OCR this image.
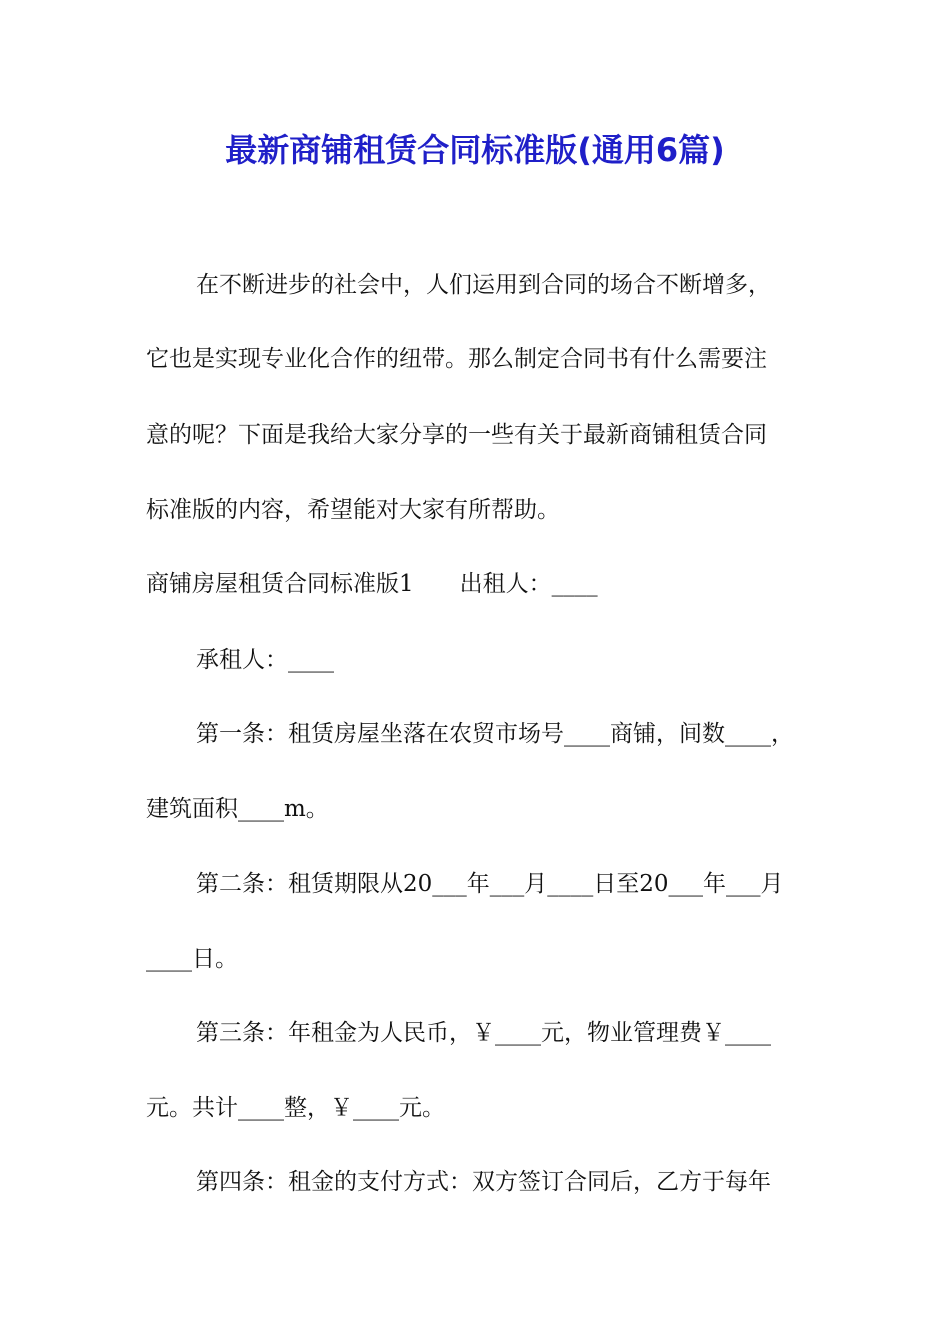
最新商铺租赁合同标准版(通用6篇)
在不断进步的社会中，人们运用到合同的场合不断增多，
它也是实现专业化合作的纽带。那么制定合同书有什么需要注
意的呢？下面是我给大家分享的一些有关于最新商铺租赁合同
标准版的内容，希望能对大家有所帮助。
商铺房屋租赁合同标准版1　　出租人：____
承租人：____
第一条：租赁房屋坐落在农贸市场号____商铺，间数____，
建筑面积____m。
第二条：租赁期限从20___年___月____日至20___年___月
____日。
第三条：年租金为人民币，￥____元，物业管理费￥____
元。共计____整，￥____元。
第四条：租金的支付方式：双方签订合同后，乙方于每年
